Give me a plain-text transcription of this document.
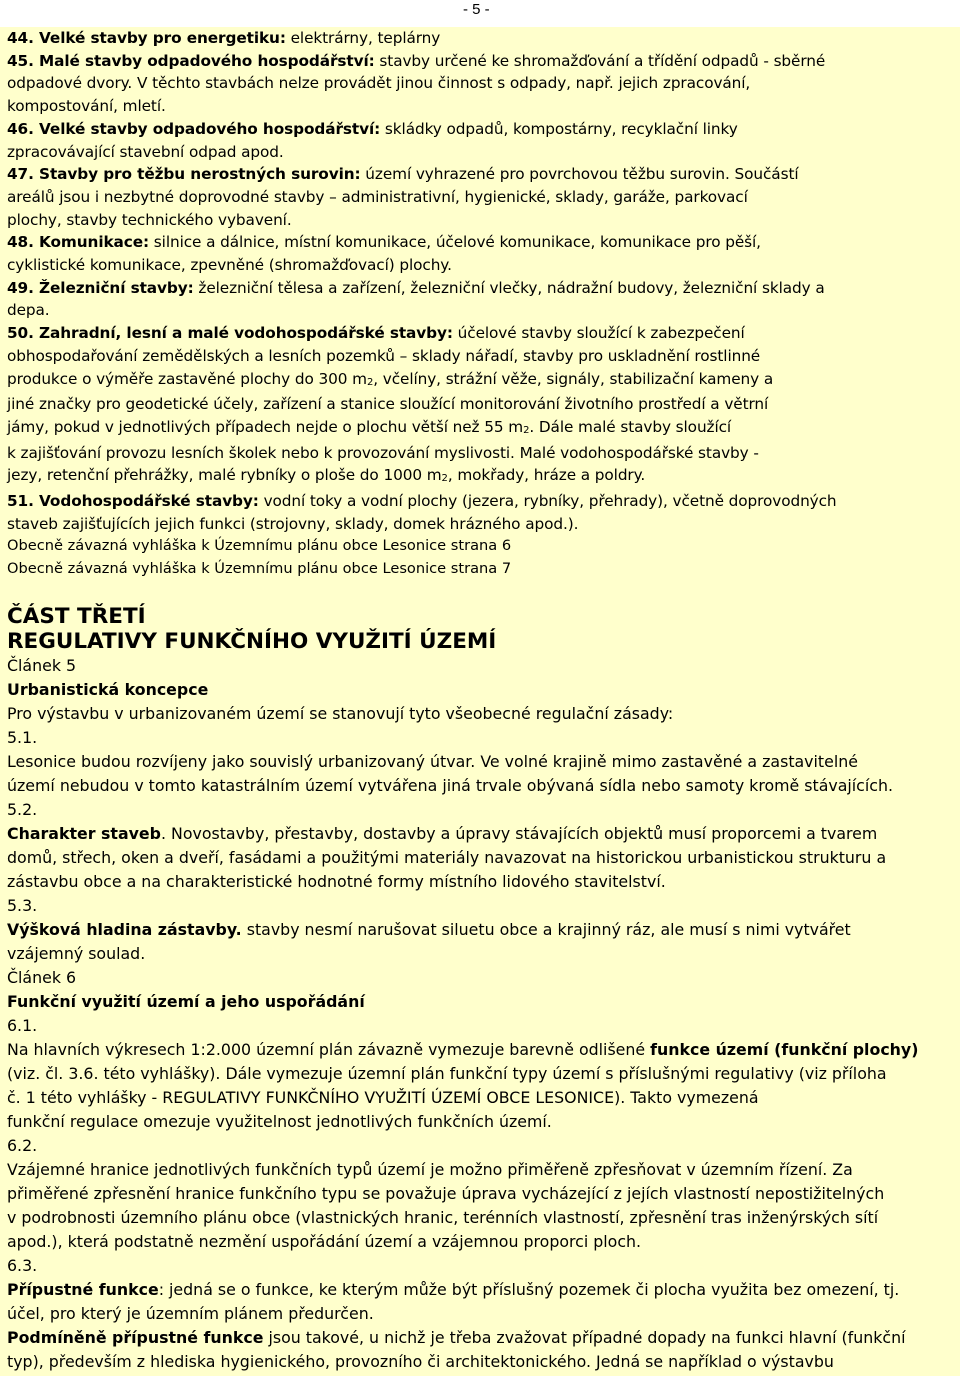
- 5 -
44. Velké stavby pro energetiku: elektrárny, teplárny
45. Malé stavby odpadového hospodářství: stavby určené ke shromažďování a třídění odpadů - sběrné
odpadové dvory. V těchto stavbách nelze provádět jinou činnost s odpady, např. jejich zpracování,
kompostování, mletí.
46. Velké stavby odpadového hospodářství: skládky odpadů, kompostárny, recyklační linky
zpracovávající stavební odpad apod.
47. Stavby pro těžbu nerostných surovin: území vyhrazené pro povrchovou těžbu surovin. Součástí
areálů jsou i nezbytné doprovodné stavby – administrativní, hygienické, sklady, garáže, parkovací
plochy, stavby technického vybavení.
48. Komunikace: silnice a dálnice, místní komunikace, účelové komunikace, komunikace pro pěší,
cyklistické komunikace, zpevněné (shromažďovací) plochy.
49. Železniční stavby: železniční tělesa a zařízení, železniční vlečky, nádražní budovy, železniční sklady a
depa.
50. Zahradní, lesní a malé vodohospodářské stavby: účelové stavby sloužící k zabezpečení
obhospodařování zemědělských a lesních pozemků – sklady nářadí, stavby pro uskladnění rostlinné
produkce o výměře zastavěné plochy do 300 $m_2$, včelíny, strážní věže, signály, stabilizační kameny a
jiné značky pro geodetické účely, zařízení a stanice sloužící monitorování životního prostředí a větrní
jámy, pokud v jednotlivých případech nejde o plochu větší než 55 $m_2$. Dále malé stavby sloužící
k zajišťování provozu lesních školek nebo k provozování myslivosti. Malé vodohospodářské stavby -
jezy, retenční přehrážky, malé rybníky o ploše do 1000 $m_2$, mokřady, hráze a poldry.
51. Vodohospodářské stavby: vodní toky a vodní plochy (jezera, rybníky, přehrady), včetně doprovodných
staveb zajišťujících jejich funkci (strojovny, sklady, domek hrázného apod.).
Obecně závazná vyhláška k Územnímu plánu obce Lesonice strana 6
Obecně závazná vyhláška k Územnímu plánu obce Lesonice strana 7
ČÁST TŘETÍ
REGULATIVY FUNKČNÍHO VYUŽITÍ ÚZEMÍ
Článek 5
Urbanistická koncepce
Pro výstavbu v urbanizovaném území se stanovují tyto všeobecné regulační zásady:
5.1.
Lesonice budou rozvíjeny jako souvislý urbanizovaný útvar. Ve volné krajině mimo zastavěné a zastavitelné
území nebudou v tomto katastrálním území vytvářena jiná trvale obývaná sídla nebo samoty kromě stávajících.
5.2.
Charakter staveb. Novostavby, přestavby, dostavby a úpravy stávajících objektů musí proporcemi a tvarem
domů, střech, oken a dveří, fasádami a použitými materiály navazovat na historickou urbanistickou strukturu a
zástavbu obce a na charakteristické hodnotné formy místního lidového stavitelství.
5.3.
Výšková hladina zástavby. stavby nesmí narušovat siluetu obce a krajinný ráz, ale musí s nimi vytvářet
vzájemný soulad.
Článek 6
Funkční využití území a jeho uspořádání
6.1.
Na hlavních výkresech 1:2.000 územní plán závazně vymezuje barevně odlišené funkce území (funkční plochy)
(viz. čl. 3.6. této vyhlášky). Dále vymezuje územní plán funkční typy území s příslušnými regulativy (viz příloha
č. 1 této vyhlášky - REGULATIVY FUNKČNÍHO VYUŽITÍ ÚZEMÍ OBCE LESONICE). Takto vymezená
funkční regulace omezuje využitelnost jednotlivých funkčních území.
6.2.
Vzájemné hranice jednotlivých funkčních typů území je možno přiměřeně zpřesňovat v územním řízení. Za
přiměřené zpřesnění hranice funkčního typu se považuje úprava vycházející z jejích vlastností nepostižitelných
v podrobnosti územního plánu obce (vlastnických hranic, terénních vlastností, zpřesnění tras inženýrských sítí
apod.), která podstatně nezmění uspořádání území a vzájemnou proporci ploch.
6.3.
Přípustné funkce: jedná se o funkce, ke kterým může být příslušný pozemek či plocha využita bez omezení, tj.
účel, pro který je územním plánem předurčen.
Podmíněně přípustné funkce jsou takové, u nichž je třeba zvažovat případné dopady na funkci hlavní (funkční
typ), především z hlediska hygienického, provozního či architektonického. Jedná se například o výstavbu
